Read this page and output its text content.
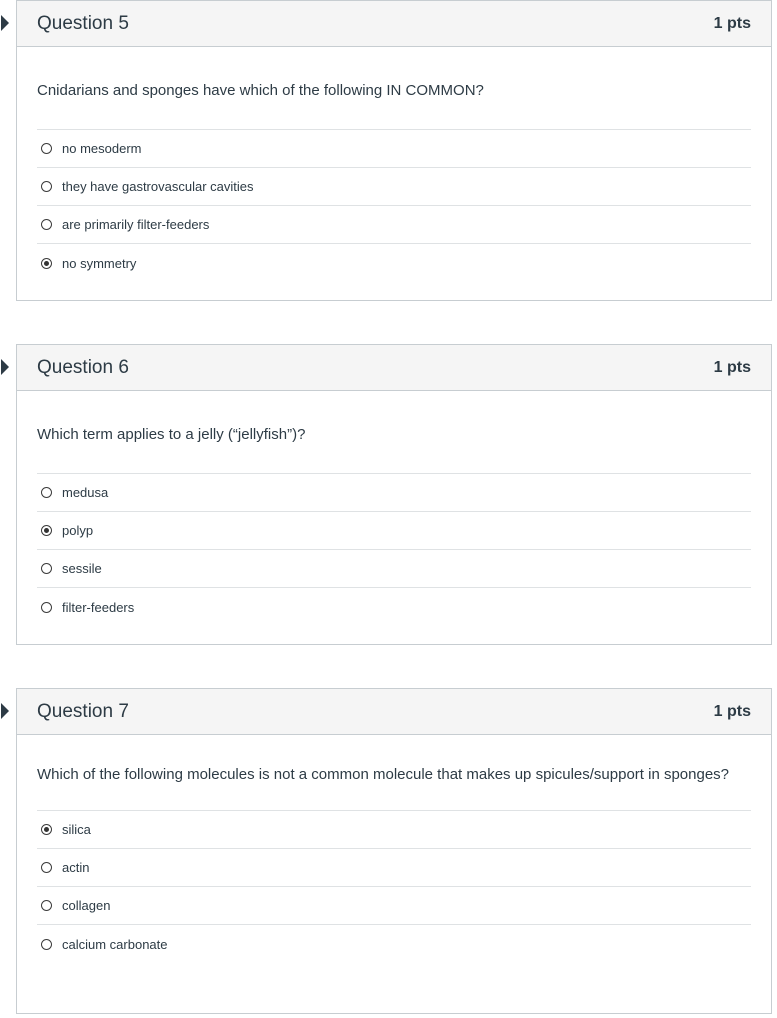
Question 5	1 pts
Cnidarians and sponges have which of the following IN COMMON?
no mesoderm
they have gastrovascular cavities
are primarily filter-feeders
no symmetry
Question 6	1 pts
Which term applies to a jelly (“jellyfish”)?
medusa
polyp
sessile
filter-feeders
Question 7	1 pts
Which of the following molecules is not a common molecule that makes up spicules/support in sponges?
silica
actin
collagen
calcium carbonate
